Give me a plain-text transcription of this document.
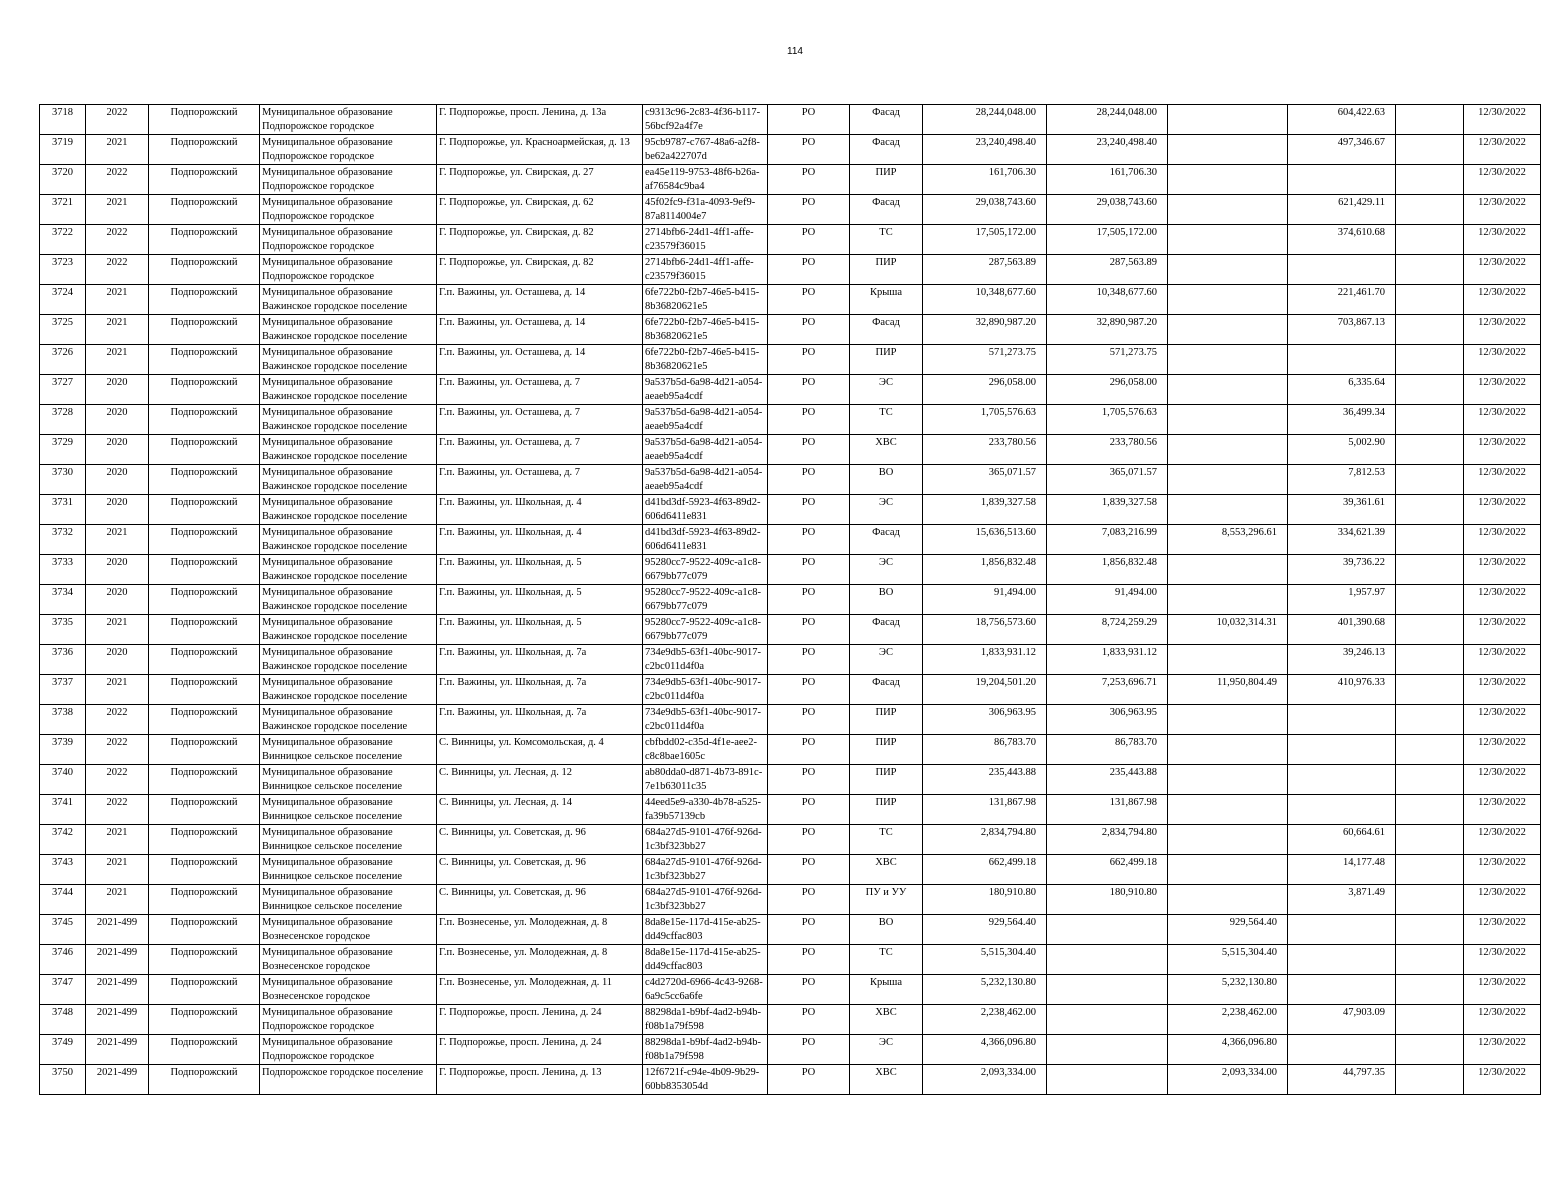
114
3718	2022	Подпорожский	Муниципальное образование Подпорожское городское	Г. Подпорожье, просп. Ленина, д. 13а	c9313c96-2c83-4f36-b117-56bcf92a4f7e	РО	Фасад	28,244,048.00	28,244,048.00		604,422.63		12/30/2022
3719	2021	Подпорожский	Муниципальное образование Подпорожское городское	Г. Подпорожье, ул. Красноармейская, д. 13	95cb9787-c767-48a6-a2f8-be62a422707d	РО	Фасад	23,240,498.40	23,240,498.40		497,346.67		12/30/2022
3720	2022	Подпорожский	Муниципальное образование Подпорожское городское	Г. Подпорожье, ул. Свирская, д. 27	ea45e119-9753-48f6-b26a-af76584c9ba4	РО	ПИР	161,706.30	161,706.30				12/30/2022
3721	2021	Подпорожский	Муниципальное образование Подпорожское городское	Г. Подпорожье, ул. Свирская, д. 62	45f02fc9-f31a-4093-9ef9-87a8114004e7	РО	Фасад	29,038,743.60	29,038,743.60		621,429.11		12/30/2022
3722	2022	Подпорожский	Муниципальное образование Подпорожское городское	Г. Подпорожье, ул. Свирская, д. 82	2714bfb6-24d1-4ff1-affe-c23579f36015	РО	ТС	17,505,172.00	17,505,172.00		374,610.68		12/30/2022
3723	2022	Подпорожский	Муниципальное образование Подпорожское городское	Г. Подпорожье, ул. Свирская, д. 82	2714bfb6-24d1-4ff1-affe-c23579f36015	РО	ПИР	287,563.89	287,563.89				12/30/2022
3724	2021	Подпорожский	Муниципальное образование Важинское городское поселение	Г.п. Важины, ул. Осташева, д. 14	6fe722b0-f2b7-46e5-b415-8b36820621e5	РО	Крыша	10,348,677.60	10,348,677.60		221,461.70		12/30/2022
3725	2021	Подпорожский	Муниципальное образование Важинское городское поселение	Г.п. Важины, ул. Осташева, д. 14	6fe722b0-f2b7-46e5-b415-8b36820621e5	РО	Фасад	32,890,987.20	32,890,987.20		703,867.13		12/30/2022
3726	2021	Подпорожский	Муниципальное образование Важинское городское поселение	Г.п. Важины, ул. Осташева, д. 14	6fe722b0-f2b7-46e5-b415-8b36820621e5	РО	ПИР	571,273.75	571,273.75				12/30/2022
3727	2020	Подпорожский	Муниципальное образование Важинское городское поселение	Г.п. Важины, ул. Осташева, д. 7	9a537b5d-6a98-4d21-a054-aeaeb95a4cdf	РО	ЭС	296,058.00	296,058.00		6,335.64		12/30/2022
3728	2020	Подпорожский	Муниципальное образование Важинское городское поселение	Г.п. Важины, ул. Осташева, д. 7	9a537b5d-6a98-4d21-a054-aeaeb95a4cdf	РО	ТС	1,705,576.63	1,705,576.63		36,499.34		12/30/2022
3729	2020	Подпорожский	Муниципальное образование Важинское городское поселение	Г.п. Важины, ул. Осташева, д. 7	9a537b5d-6a98-4d21-a054-aeaeb95a4cdf	РО	ХВС	233,780.56	233,780.56		5,002.90		12/30/2022
3730	2020	Подпорожский	Муниципальное образование Важинское городское поселение	Г.п. Важины, ул. Осташева, д. 7	9a537b5d-6a98-4d21-a054-aeaeb95a4cdf	РО	ВО	365,071.57	365,071.57		7,812.53		12/30/2022
3731	2020	Подпорожский	Муниципальное образование Важинское городское поселение	Г.п. Важины, ул. Школьная, д. 4	d41bd3df-5923-4f63-89d2-606d6411e831	РО	ЭС	1,839,327.58	1,839,327.58		39,361.61		12/30/2022
3732	2021	Подпорожский	Муниципальное образование Важинское городское поселение	Г.п. Важины, ул. Школьная, д. 4	d41bd3df-5923-4f63-89d2-606d6411e831	РО	Фасад	15,636,513.60	7,083,216.99	8,553,296.61	334,621.39		12/30/2022
3733	2020	Подпорожский	Муниципальное образование Важинское городское поселение	Г.п. Важины, ул. Школьная, д. 5	95280cc7-9522-409c-a1c8-6679bb77c079	РО	ЭС	1,856,832.48	1,856,832.48		39,736.22		12/30/2022
3734	2020	Подпорожский	Муниципальное образование Важинское городское поселение	Г.п. Важины, ул. Школьная, д. 5	95280cc7-9522-409c-a1c8-6679bb77c079	РО	ВО	91,494.00	91,494.00		1,957.97		12/30/2022
3735	2021	Подпорожский	Муниципальное образование Важинское городское поселение	Г.п. Важины, ул. Школьная, д. 5	95280cc7-9522-409c-a1c8-6679bb77c079	РО	Фасад	18,756,573.60	8,724,259.29	10,032,314.31	401,390.68		12/30/2022
3736	2020	Подпорожский	Муниципальное образование Важинское городское поселение	Г.п. Важины, ул. Школьная, д. 7а	734e9db5-63f1-40bc-9017-c2bc011d4f0a	РО	ЭС	1,833,931.12	1,833,931.12		39,246.13		12/30/2022
3737	2021	Подпорожский	Муниципальное образование Важинское городское поселение	Г.п. Важины, ул. Школьная, д. 7а	734e9db5-63f1-40bc-9017-c2bc011d4f0a	РО	Фасад	19,204,501.20	7,253,696.71	11,950,804.49	410,976.33		12/30/2022
3738	2022	Подпорожский	Муниципальное образование Важинское городское поселение	Г.п. Важины, ул. Школьная, д. 7а	734e9db5-63f1-40bc-9017-c2bc011d4f0a	РО	ПИР	306,963.95	306,963.95				12/30/2022
3739	2022	Подпорожский	Муниципальное образование Винницкое сельское поселение	С. Винницы, ул. Комсомольская, д. 4	cbfbdd02-c35d-4f1e-aee2-c8c8bae1605c	РО	ПИР	86,783.70	86,783.70				12/30/2022
3740	2022	Подпорожский	Муниципальное образование Винницкое сельское поселение	С. Винницы, ул. Лесная, д. 12	ab80dda0-d871-4b73-891c-7e1b63011c35	РО	ПИР	235,443.88	235,443.88				12/30/2022
3741	2022	Подпорожский	Муниципальное образование Винницкое сельское поселение	С. Винницы, ул. Лесная, д. 14	44eed5e9-a330-4b78-a525-fa39b57139cb	РО	ПИР	131,867.98	131,867.98				12/30/2022
3742	2021	Подпорожский	Муниципальное образование Винницкое сельское поселение	С. Винницы, ул. Советская, д. 96	684a27d5-9101-476f-926d-1c3bf323bb27	РО	ТС	2,834,794.80	2,834,794.80		60,664.61		12/30/2022
3743	2021	Подпорожский	Муниципальное образование Винницкое сельское поселение	С. Винницы, ул. Советская, д. 96	684a27d5-9101-476f-926d-1c3bf323bb27	РО	ХВС	662,499.18	662,499.18		14,177.48		12/30/2022
3744	2021	Подпорожский	Муниципальное образование Винницкое сельское поселение	С. Винницы, ул. Советская, д. 96	684a27d5-9101-476f-926d-1c3bf323bb27	РО	ПУ и УУ	180,910.80	180,910.80		3,871.49		12/30/2022
3745	2021-499	Подпорожский	Муниципальное образование Вознесенское городское	Г.п. Вознесенье, ул. Молодежная, д. 8	8da8e15e-117d-415e-ab25-dd49cffac803	РО	ВО	929,564.40		929,564.40			12/30/2022
3746	2021-499	Подпорожский	Муниципальное образование Вознесенское городское	Г.п. Вознесенье, ул. Молодежная, д. 8	8da8e15e-117d-415e-ab25-dd49cffac803	РО	ТС	5,515,304.40		5,515,304.40			12/30/2022
3747	2021-499	Подпорожский	Муниципальное образование Вознесенское городское	Г.п. Вознесенье, ул. Молодежная, д. 11	c4d2720d-6966-4c43-9268-6a9c5cc6a6fe	РО	Крыша	5,232,130.80		5,232,130.80			12/30/2022
3748	2021-499	Подпорожский	Муниципальное образование Подпорожское городское	Г. Подпорожье, просп. Ленина, д. 24	88298da1-b9bf-4ad2-b94b-f08b1a79f598	РО	ХВС	2,238,462.00		2,238,462.00	47,903.09		12/30/2022
3749	2021-499	Подпорожский	Муниципальное образование Подпорожское городское	Г. Подпорожье, просп. Ленина, д. 24	88298da1-b9bf-4ad2-b94b-f08b1a79f598	РО	ЭС	4,366,096.80		4,366,096.80			12/30/2022
3750	2021-499	Подпорожский	Подпорожское городское поселение	Г. Подпорожье, просп. Ленина, д. 13	12f6721f-c94e-4b09-9b29-60bb8353054d	РО	ХВС	2,093,334.00		2,093,334.00	44,797.35		12/30/2022
